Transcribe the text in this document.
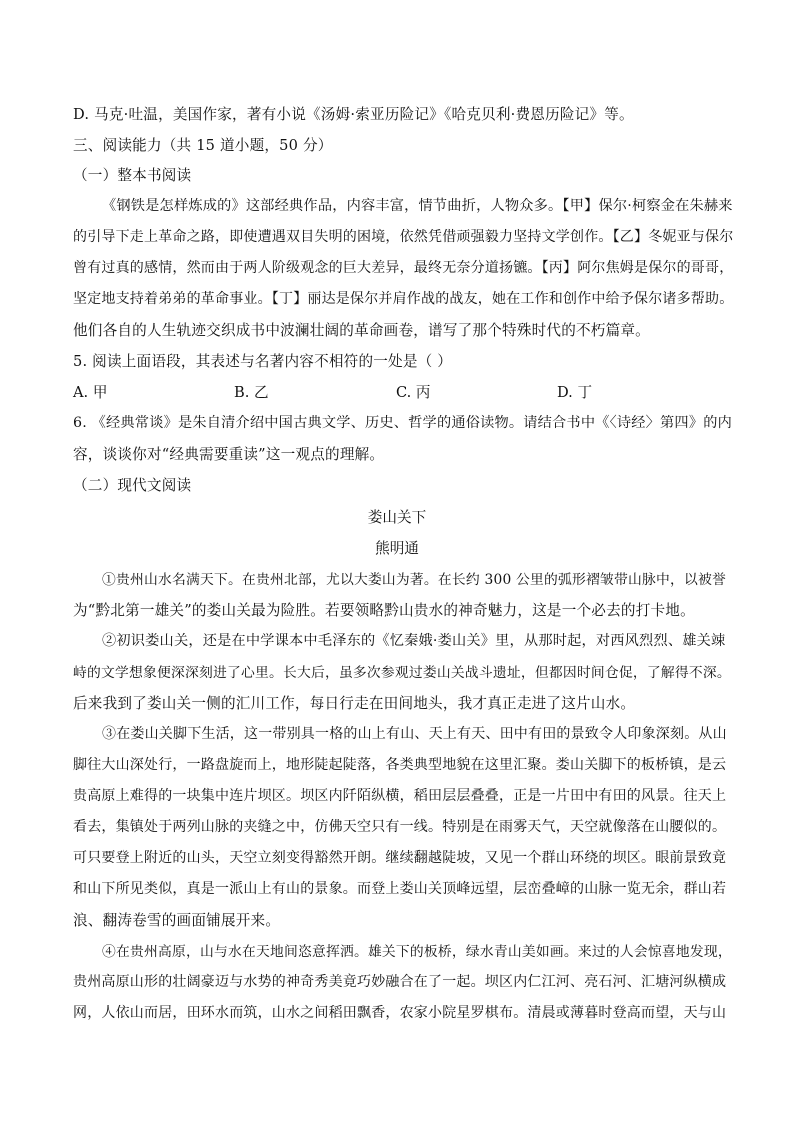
D. 马克·吐温，美国作家，著有小说《汤姆·索亚历险记》《哈克贝利·费恩历险记》等。
三、阅读能力（共 15 道小题，50 分）
（一）整本书阅读
《钢铁是怎样炼成的》这部经典作品，内容丰富，情节曲折，人物众多。【甲】保尔·柯察金在朱赫来
的引导下走上革命之路，即使遭遇双目失明的困境，依然凭借顽强毅力坚持文学创作。【乙】冬妮亚与保尔
曾有过真的感情，然而由于两人阶级观念的巨大差异，最终无奈分道扬镳。【丙】阿尔焦姆是保尔的哥哥，
坚定地支持着弟弟的革命事业。【丁】丽达是保尔并肩作战的战友，她在工作和创作中给予保尔诸多帮助。
他们各自的人生轨迹交织成书中波澜壮阔的革命画卷，谱写了那个特殊时代的不朽篇章。
5. 阅读上面语段，其表述与名著内容不相符的一处是（ ）
A. 甲	B. 乙	C. 丙	D. 丁
6. 《经典常谈》是朱自清介绍中国古典文学、历史、哲学的通俗读物。请结合书中《〈诗经〉第四》的内
容，谈谈你对“经典需要重读”这一观点的理解。
（二）现代文阅读
娄山关下
熊明通
①贵州山水名满天下。在贵州北部，尤以大娄山为著。在长约 300 公里的弧形褶皱带山脉中，以被誉
为“黔北第一雄关”的娄山关最为险胜。若要领略黔山贵水的神奇魅力，这是一个必去的打卡地。
②初识娄山关，还是在中学课本中毛泽东的《忆秦娥·娄山关》里，从那时起，对西风烈烈、雄关竦
峙的文学想象便深深刻进了心里。长大后，虽多次参观过娄山关战斗遗址，但都因时间仓促，了解得不深。
后来我到了娄山关一侧的汇川工作，每日行走在田间地头，我才真正走进了这片山水。
③在娄山关脚下生活，这一带别具一格的山上有山、天上有天、田中有田的景致令人印象深刻。从山
脚往大山深处行，一路盘旋而上，地形陡起陡落，各类典型地貌在这里汇聚。娄山关脚下的板桥镇，是云
贵高原上难得的一块集中连片坝区。坝区内阡陌纵横，稻田层层叠叠，正是一片田中有田的风景。往天上
看去，集镇处于两列山脉的夹缝之中，仿佛天空只有一线。特别是在雨雾天气，天空就像落在山腰似的。
可只要登上附近的山头，天空立刻变得豁然开朗。继续翻越陡坡，又见一个群山环绕的坝区。眼前景致竟
和山下所见类似，真是一派山上有山的景象。而登上娄山关顶峰远望，层峦叠嶂的山脉一览无余，群山若
浪、翻涛卷雪的画面铺展开来。
④在贵州高原，山与水在天地间恣意挥洒。雄关下的板桥，绿水青山美如画。来过的人会惊喜地发现，
贵州高原山形的壮阔豪迈与水势的神奇秀美竟巧妙融合在了一起。坝区内仁江河、亮石河、汇塘河纵横成
网，人依山而居，田环水而筑，山水之间稻田飘香，农家小院星罗棋布。清晨或薄暮时登高而望，天与山
